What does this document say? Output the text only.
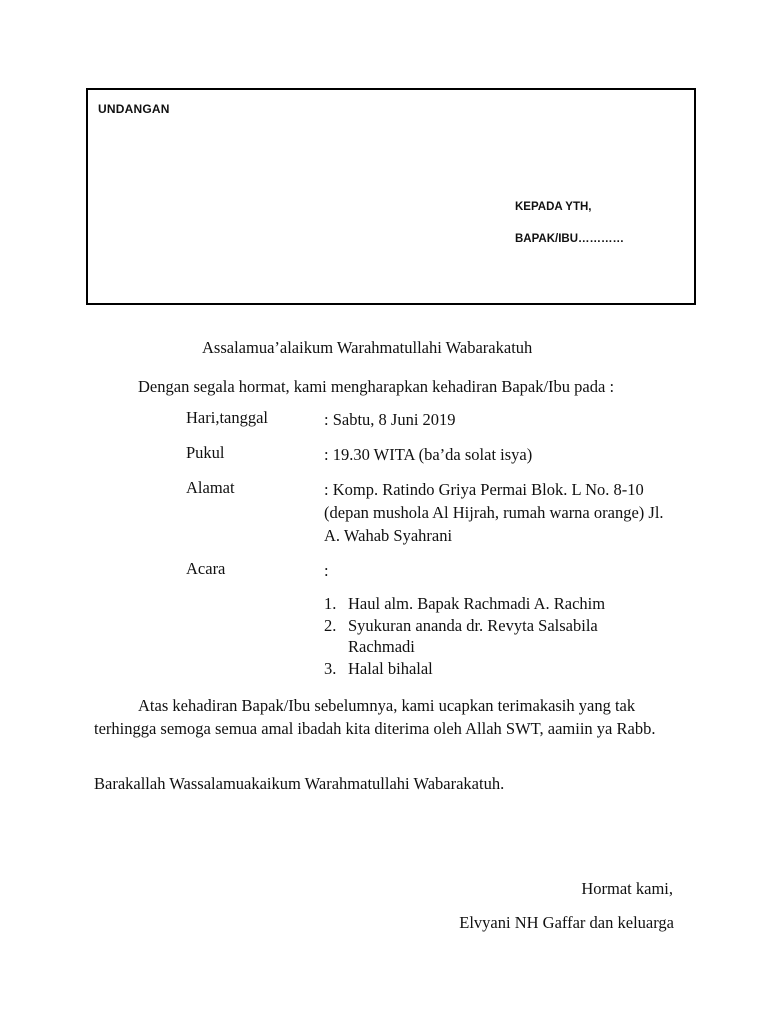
UNDANGAN
KEPADA YTH,
BAPAK/IBU…………
Assalamua’alaikum Warahmatullahi Wabarakatuh
Dengan segala hormat, kami mengharapkan kehadiran Bapak/Ibu pada :
Hari,tanggal	: Sabtu, 8 Juni 2019
Pukul	: 19.30 WITA (ba’da solat isya)
Alamat	: Komp. Ratindo Griya Permai Blok. L No. 8-10 (depan mushola Al Hijrah, rumah warna orange) Jl. A. Wahab Syahrani
Acara	:
1. Haul alm. Bapak Rachmadi A. Rachim
2. Syukuran ananda dr. Revyta Salsabila Rachmadi
3. Halal bihalal

Atas kehadiran Bapak/Ibu sebelumnya, kami ucapkan terimakasih yang tak terhingga semoga semua amal ibadah kita diterima oleh Allah SWT, aamiin ya Rabb.

Barakallah Wassalamuakaikum Warahmatullahi Wabarakatuh.
Hormat kami,
Elvyani NH Gaffar dan keluarga
